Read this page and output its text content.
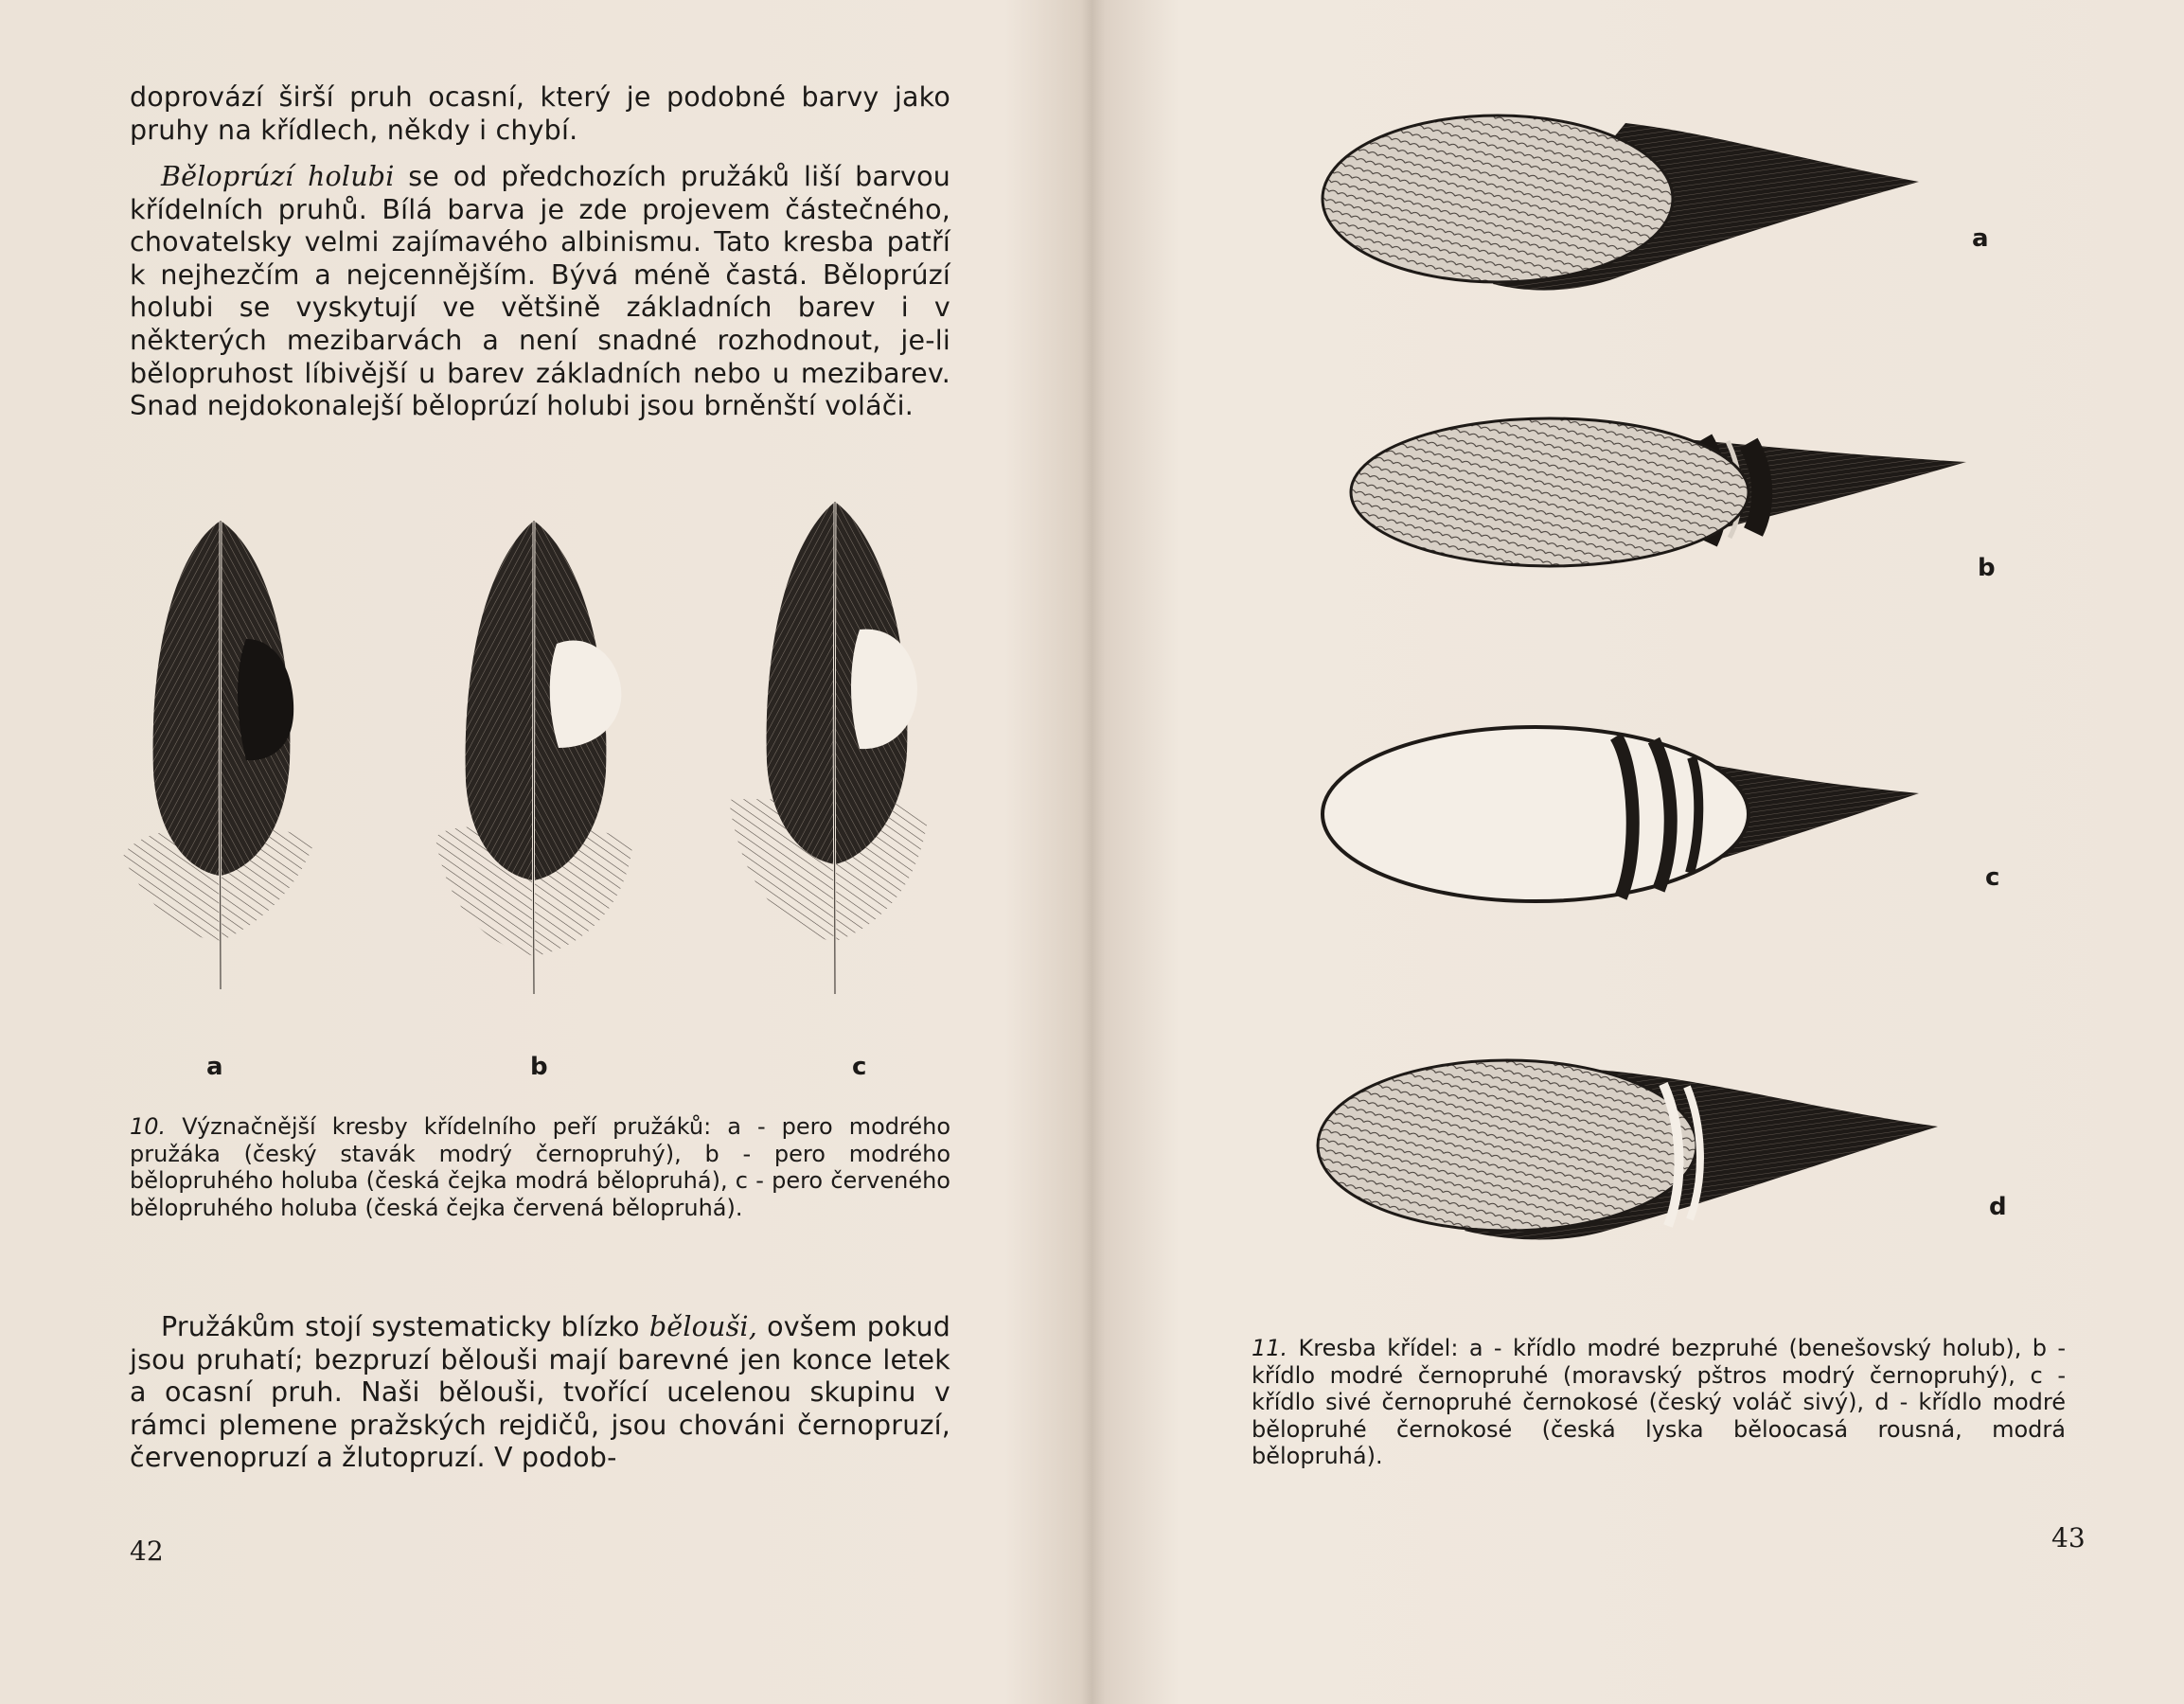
doprovází širší pruh ocasní, který je podobné barvy jako pruhy na křídlech, někdy i chybí.

Běloprúzí holubi se od předchozích pružáků liší barvou křídelních pruhů. Bílá barva je zde projevem částečného, chovatelsky velmi zajímavého albinismu. Tato kresba patří k nejhezčím a nejcennějším. Bývá méně častá. Běloprúzí holubi se vyskytují ve většině základních barev i v některých mezibarvách a není snadné rozhodnout, je-li bělopruhost líbivější u barev základních nebo u mezibarev. Snad nejdokonalejší běloprúzí holubi jsou brněnští voláči.

a	b	c

10. Význačnější kresby křídelního peří pružáků: a - pero modrého pružáka (český stavák modrý černopruhý), b - pero modrého bělopruhého holuba (česká čejka modrá bělopruhá), c - pero červeného bělopruhého holuba (česká čejka červená bělopruhá).

Pružákům stojí systematicky blízko bělouši, ovšem pokud jsou pruhatí; bezpruzí bělouši mají barevné jen konce letek a ocasní pruh. Naši bělouši, tvořící ucelenou skupinu v rámci plemene pražských rejdičů, jsou chováni černopruzí, červenopruzí a žlutopruzí. V podob-

42
a
b
c
d

11. Kresba křídel: a - křídlo modré bezpruhé (benešovský holub), b - křídlo modré černopruhé (moravský pštros modrý černopruhý), c - křídlo sivé černopruhé černokosé (český voláč sivý), d - křídlo modré bělopruhé černokosé (česká lyska běloocasá rousná, modrá bělopruhá).

43
